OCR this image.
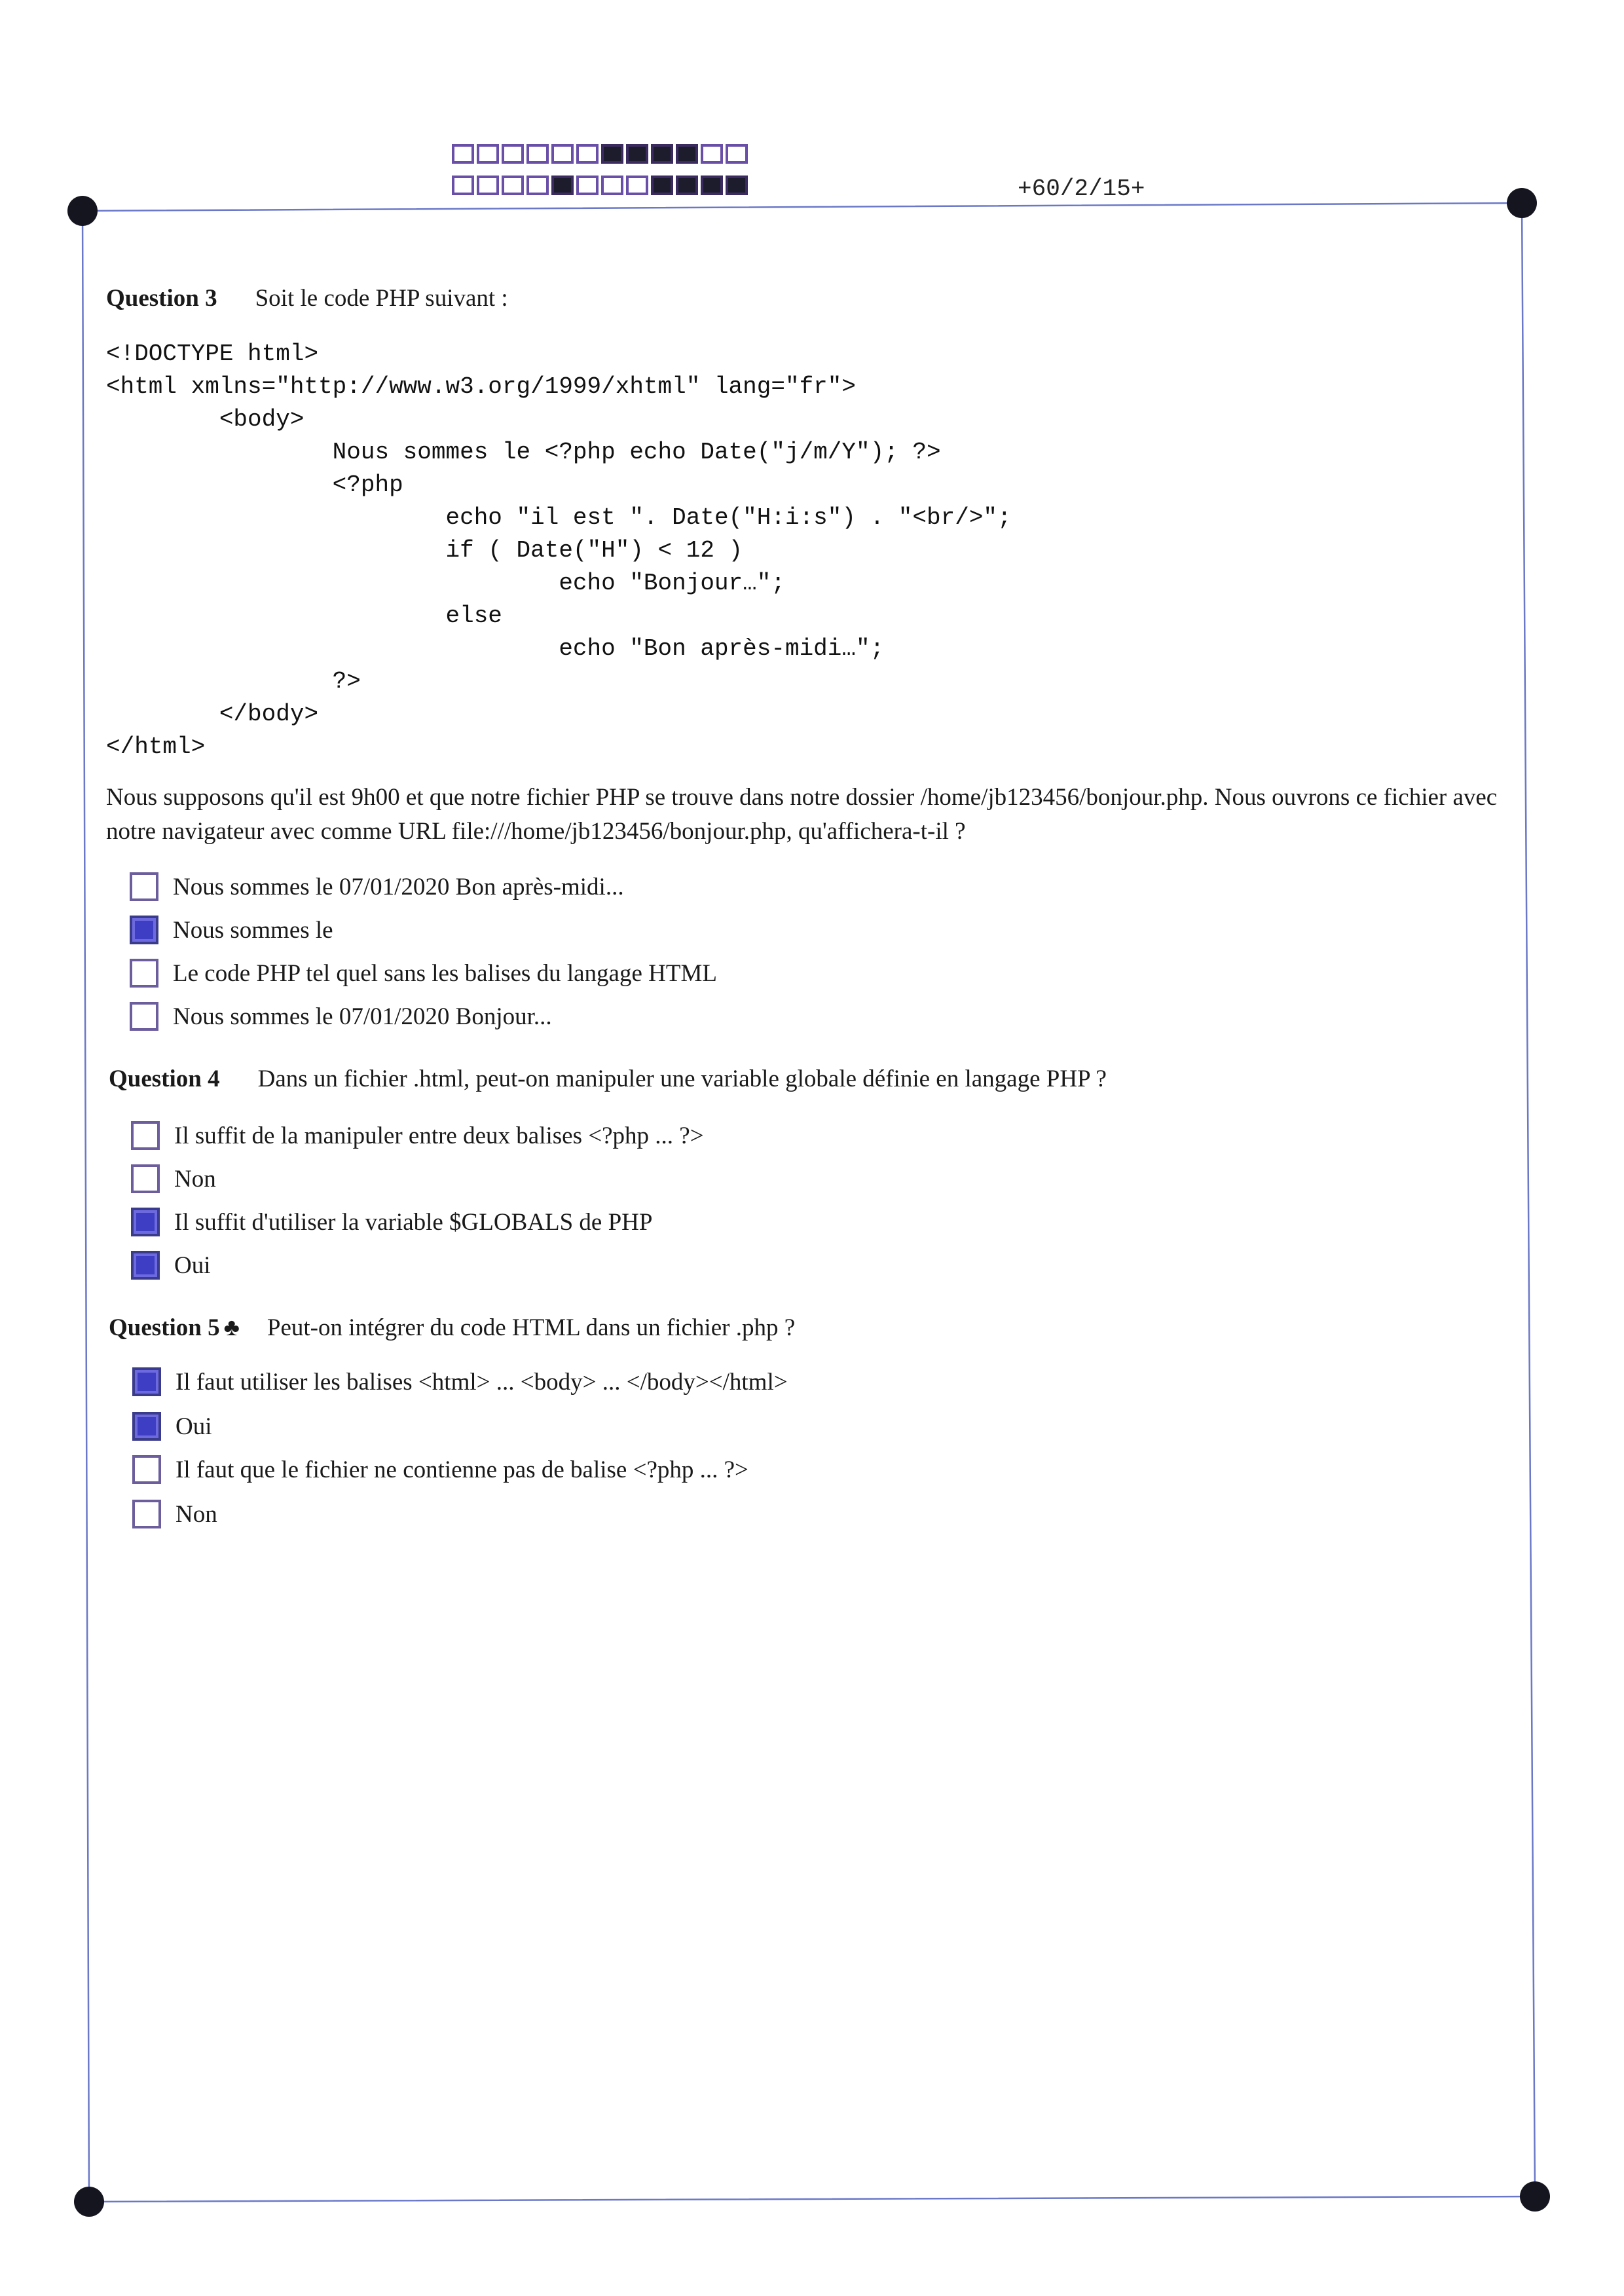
+60/2/15+
Question 3 Soit le code PHP suivant :
<!DOCTYPE html>
<html xmlns="http://www.w3.org/1999/xhtml" lang="fr">
<body>
Nous sommes le <?php echo Date("j/m/Y"); ?>
<?php
echo "il est ". Date("H:i:s") . "<br/>";
if ( Date("H") < 12 )
echo "Bonjour…";
else
echo "Bon après-midi…";
?>
</body>
</html>
Nous supposons qu'il est 9h00 et que notre fichier PHP se trouve dans notre dossier /home/jb123456/bonjour.php. Nous ouvrons ce fichier avec notre navigateur avec comme URL file:///home/jb123456/bonjour.php, qu'affichera-t-il ?
Nous sommes le 07/01/2020 Bon après-midi...
Nous sommes le
Le code PHP tel quel sans les balises du langage HTML
Nous sommes le 07/01/2020 Bonjour...
Question 4 Dans un fichier .html, peut-on manipuler une variable globale définie en langage PHP ?
Il suffit de la manipuler entre deux balises <?php ... ?>
Non
Il suffit d'utiliser la variable $GLOBALS de PHP
Oui
Question 5 ♣ Peut-on intégrer du code HTML dans un fichier .php ?
Il faut utiliser les balises <html> ... <body> ... </body></html>
Oui
Il faut que le fichier ne contienne pas de balise <?php ... ?>
Non
